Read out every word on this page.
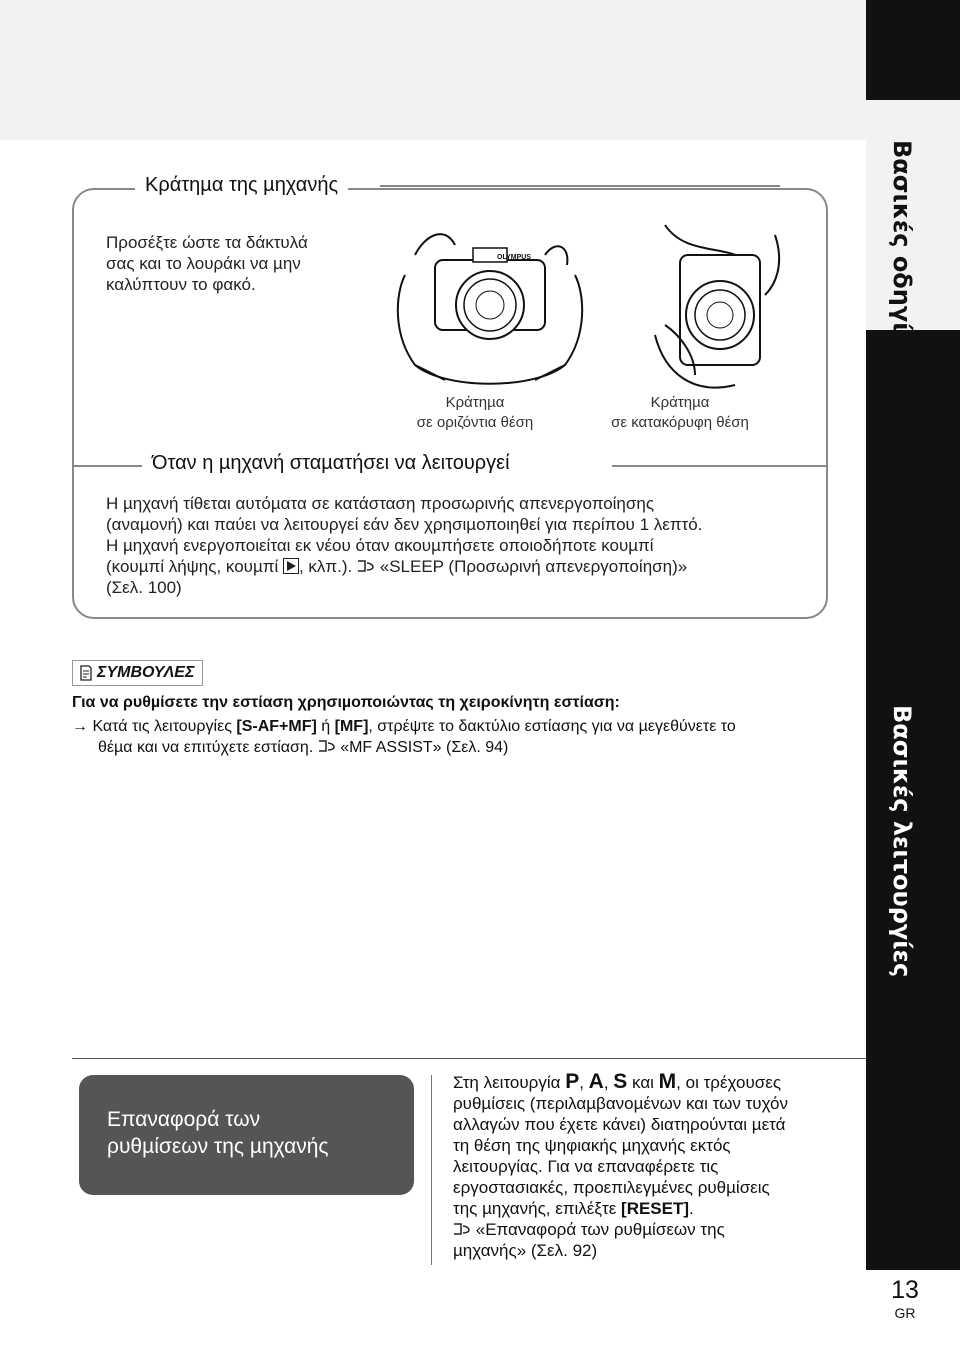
Βασικές οδηγίες
Βασικές λειτουργίες
Κράτηµα της µηχανής
Προσέξτε ώστε τα δάκτυλά
σας και το λουράκι να µην
καλύπτουν το φακό.
OLYMPUS
Κράτηµα
σε οριζόντια θέση
Κράτηµα
σε κατακόρυφη θέση
Όταν η µηχανή σταµατήσει να λειτουργεί
Η µηχανή τίθεται αυτόµατα σε κατάσταση προσωρινής απενεργοποίησης
(αναµονή) και παύει να λειτουργεί εάν δεν χρησιµοποιηθεί για περίπου 1 λεπτό.
Η µηχανή ενεργοποιείται εκ νέου όταν ακουµπήσετε οποιοδήποτε κουµπί
(κουµπί λήψης, κουµπί , κλπ.). «SLEEP (Προσωρινή απενεργοποίηση)»
(Σελ. 100)
ΣΥΜΒΟΥΛΕΣ
Για να ρυθµίσετε την εστίαση χρησιµοποιώντας τη χειροκίνητη εστίαση:
→ Κατά τις λειτουργίες [S-AF+MF] ή [MF], στρέψτε το δακτύλιο εστίασης για να µεγεθύνετε το
θέµα και να επιτύχετε εστίαση. «MF ASSIST» (Σελ. 94)
Επαναφορά των
ρυθµίσεων της µηχανής
Στη λειτουργία P, A, S και M, οι τρέχουσες
ρυθµίσεις (περιλαµβανοµένων και των τυχόν
αλλαγών που έχετε κάνει) διατηρούνται µετά
τη θέση της ψηφιακής µηχανής εκτός
λειτουργίας. Για να επαναφέρετε τις
εργοστασιακές, προεπιλεγµένες ρυθµίσεις
της µηχανής, επιλέξτε [RESET].
«Επαναφορά των ρυθµίσεων της
µηχανής» (Σελ. 92)
13
GR
